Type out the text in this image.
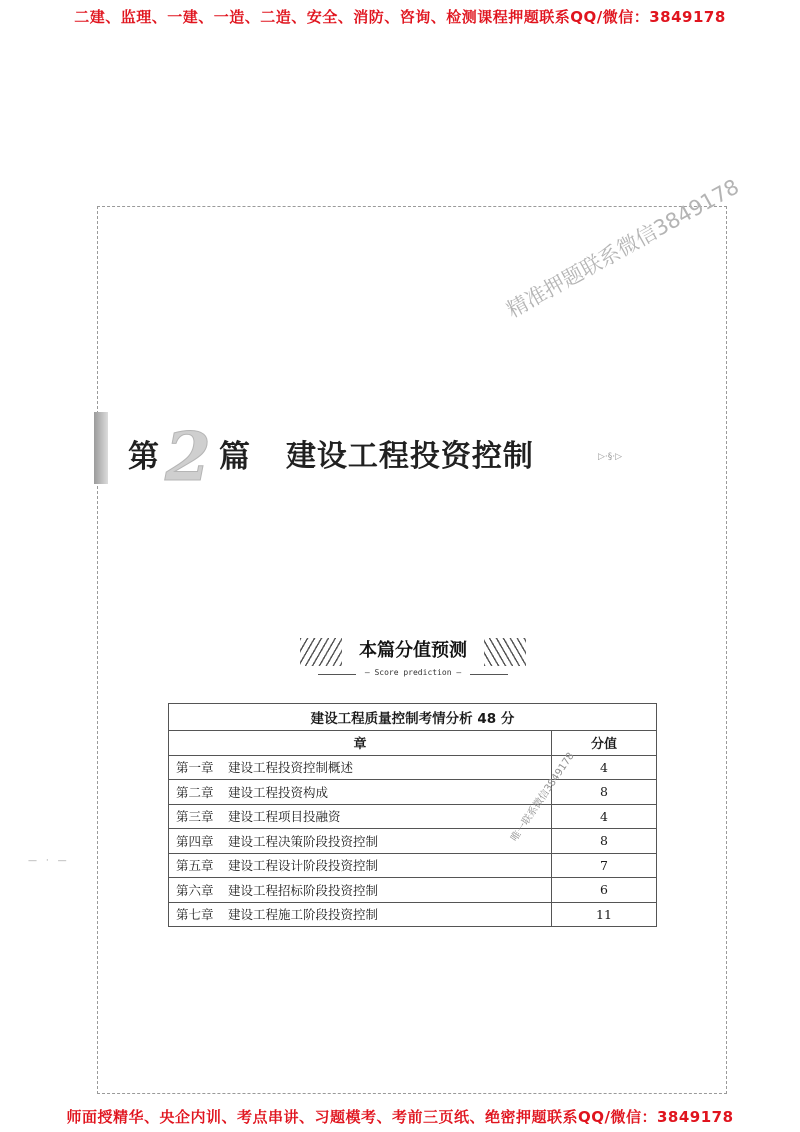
二建、监理、一建、一造、二造、安全、消防、咨询、检测课程押题联系QQ/微信：3849178
▷·§·▷
— · —
精准押题联系微信3849178
第 2 篇 建设工程投资控制
本篇分值预测
— Score prediction —
建设工程质量控制考情分析 48 分	
章	分值
第一章 建设工程投资控制概述	4
第二章 建设工程投资构成	8
第三章 建设工程项目投融资	4
第四章 建设工程决策阶段投资控制	8
第五章 建设工程设计阶段投资控制	7
第六章 建设工程招标阶段投资控制	6
第七章 建设工程施工阶段投资控制	11
唯一联系微信3849178
师面授精华、央企内训、考点串讲、习题模考、考前三页纸、绝密押题联系QQ/微信：3849178
